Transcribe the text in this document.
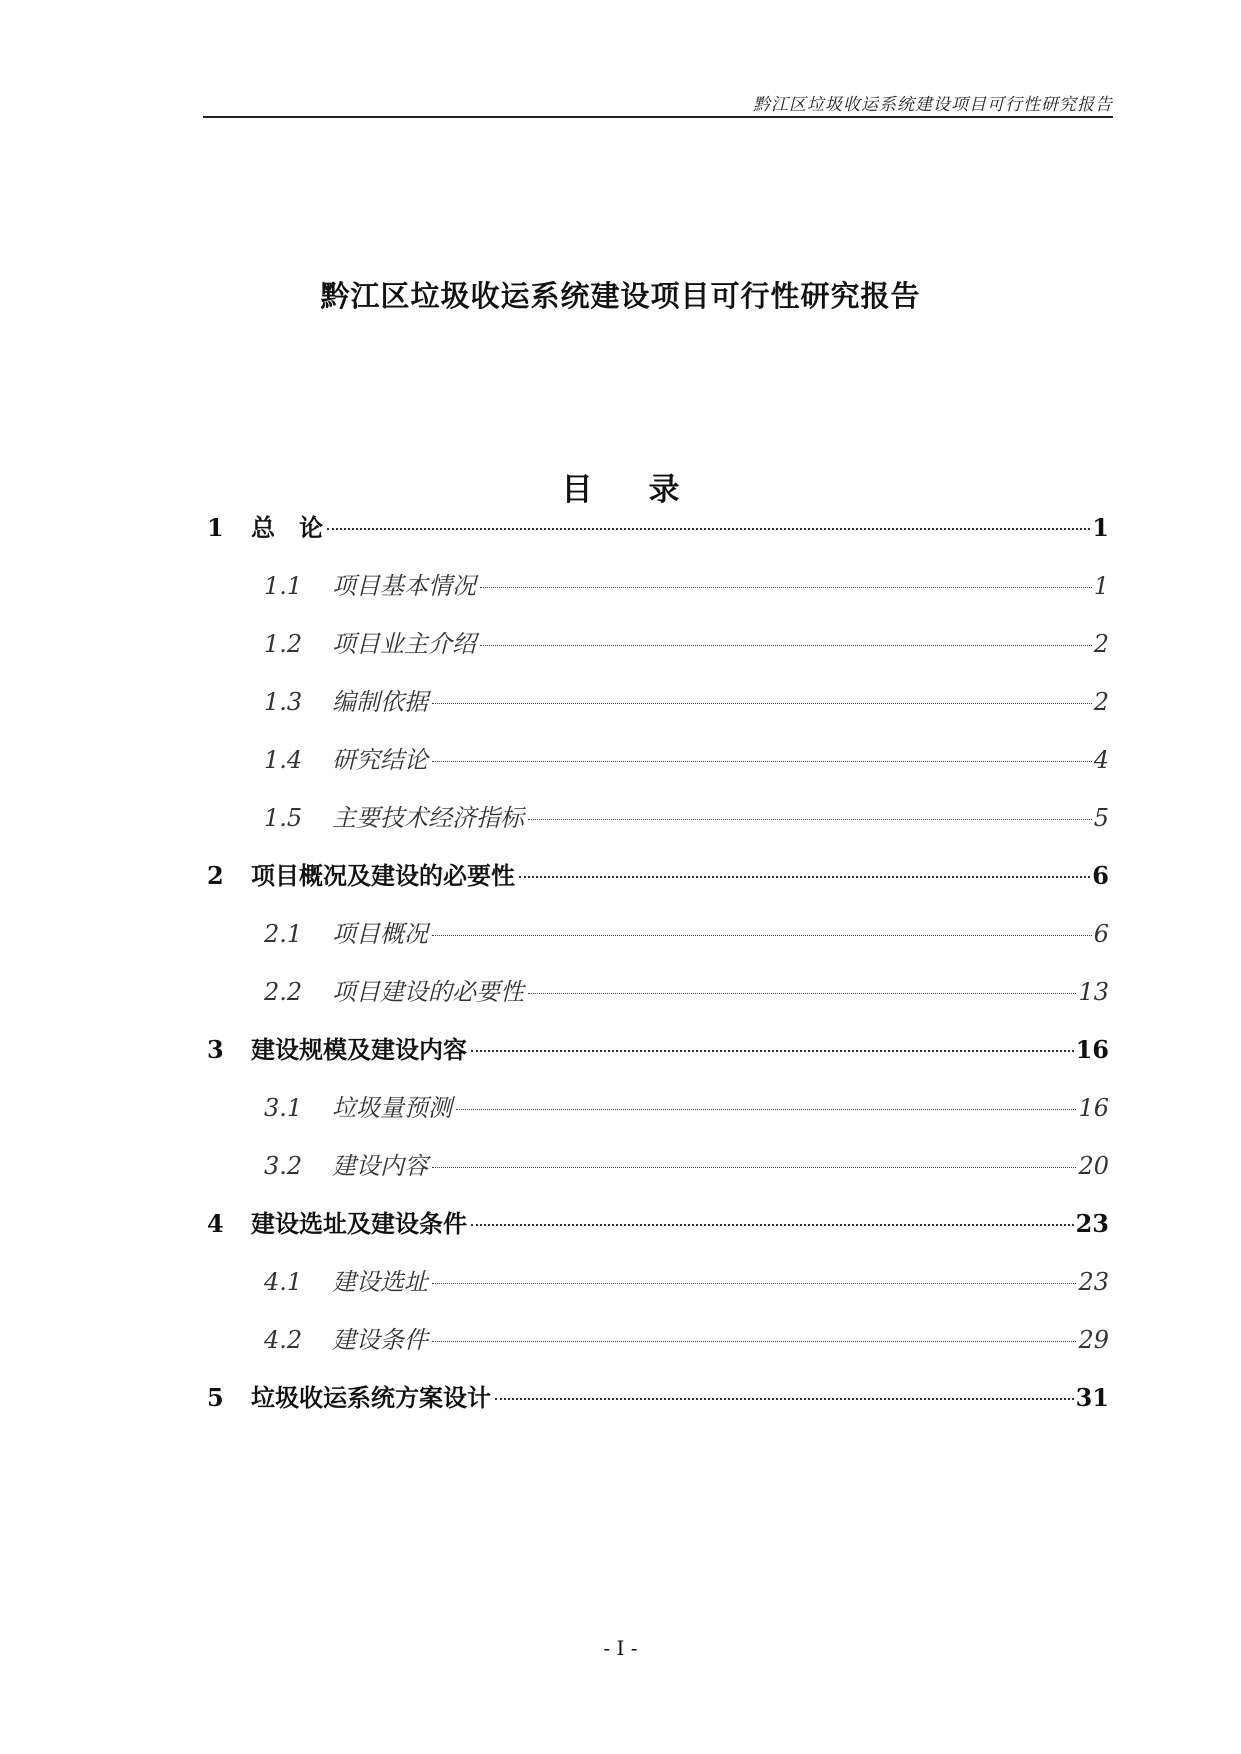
黔江区垃圾收运系统建设项目可行性研究报告
黔江区垃圾收运系统建设项目可行性研究报告
目 录
1	总　论	1
1.1	项目基本情况	1
1.2	项目业主介绍	2
1.3	编制依据	2
1.4	研究结论	4
1.5	主要技术经济指标	5
2	项目概况及建设的必要性	6
2.1	项目概况	6
2.2	项目建设的必要性	13
3	建设规模及建设内容	16
3.1	垃圾量预测	16
3.2	建设内容	20
4	建设选址及建设条件	23
4.1	建设选址	23
4.2	建设条件	29
5	垃圾收运系统方案设计	31
- I -
